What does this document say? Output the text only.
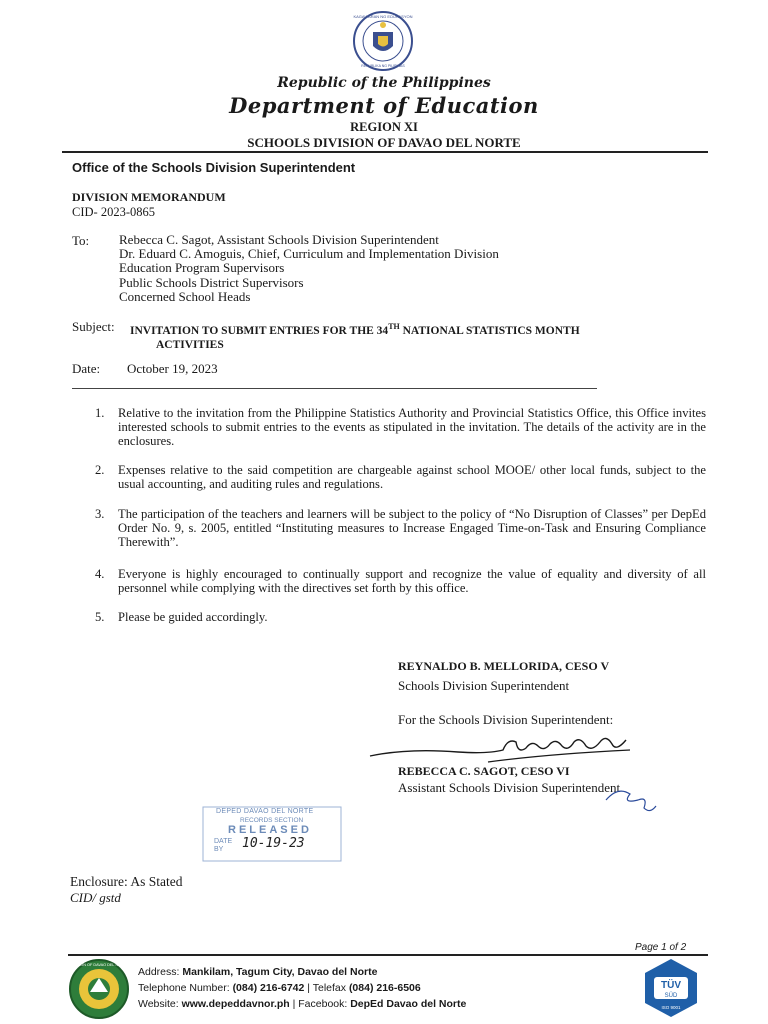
KAGAWARAN NG EDUKASYON
REPUBLIKA NG PILIPINAS
Republic of the Philippines
Department of Education
REGION XI
SCHOOLS DIVISION OF DAVAO DEL NORTE
Office of the Schools Division Superintendent
DIVISION MEMORANDUM
CID- 2023-0865
To: Rebecca C. Sagot, Assistant Schools Division Superintendent
Dr. Eduard C. Amoguis, Chief, Curriculum and Implementation Division
Education Program Supervisors
Public Schools District Supervisors
Concerned School Heads
Subject: INVITATION TO SUBMIT ENTRIES FOR THE 34TH NATIONAL STATISTICS MONTH
ACTIVITIES
Date: October 19, 2023
1. Relative to the invitation from the Philippine Statistics Authority and Provincial Statistics Office, this Office invites interested schools to submit entries to the events as stipulated in the invitation. The details of the activity are in the enclosures.
2. Expenses relative to the said competition are chargeable against school MOOE/ other local funds, subject to the usual accounting, and auditing rules and regulations.
3. The participation of the teachers and learners will be subject to the policy of “No Disruption of Classes” per DepEd Order No. 9, s. 2005, entitled “Instituting measures to Increase Engaged Time-on-Task and Ensuring Compliance Therewith”.
4. Everyone is highly encouraged to continually support and recognize the value of equality and diversity of all personnel while complying with the directives set forth by this office.
5. Please be guided accordingly.
REYNALDO B. MELLORIDA, CESO V
Schools Division Superintendent
For the Schools Division Superintendent:
REBECCA C. SAGOT, CESO VI
Assistant Schools Division Superintendent
DEPED DAVAO DEL NORTE
RECORDS SECTION
RELEASED
DATE
BY	10-19-23
Enclosure: As Stated
CID/ gstd
Page 1 of 2
DIVISION OF DAVAO DEL NORTE
Address: Mankilam, Tagum City, Davao del Norte
Telephone Number: (084) 216-6742 | Telefax (084) 216-6506
Website: www.depeddavnor.ph | Facebook: DepEd Davao del Norte
TÜV
SÜD
ISO 9001
